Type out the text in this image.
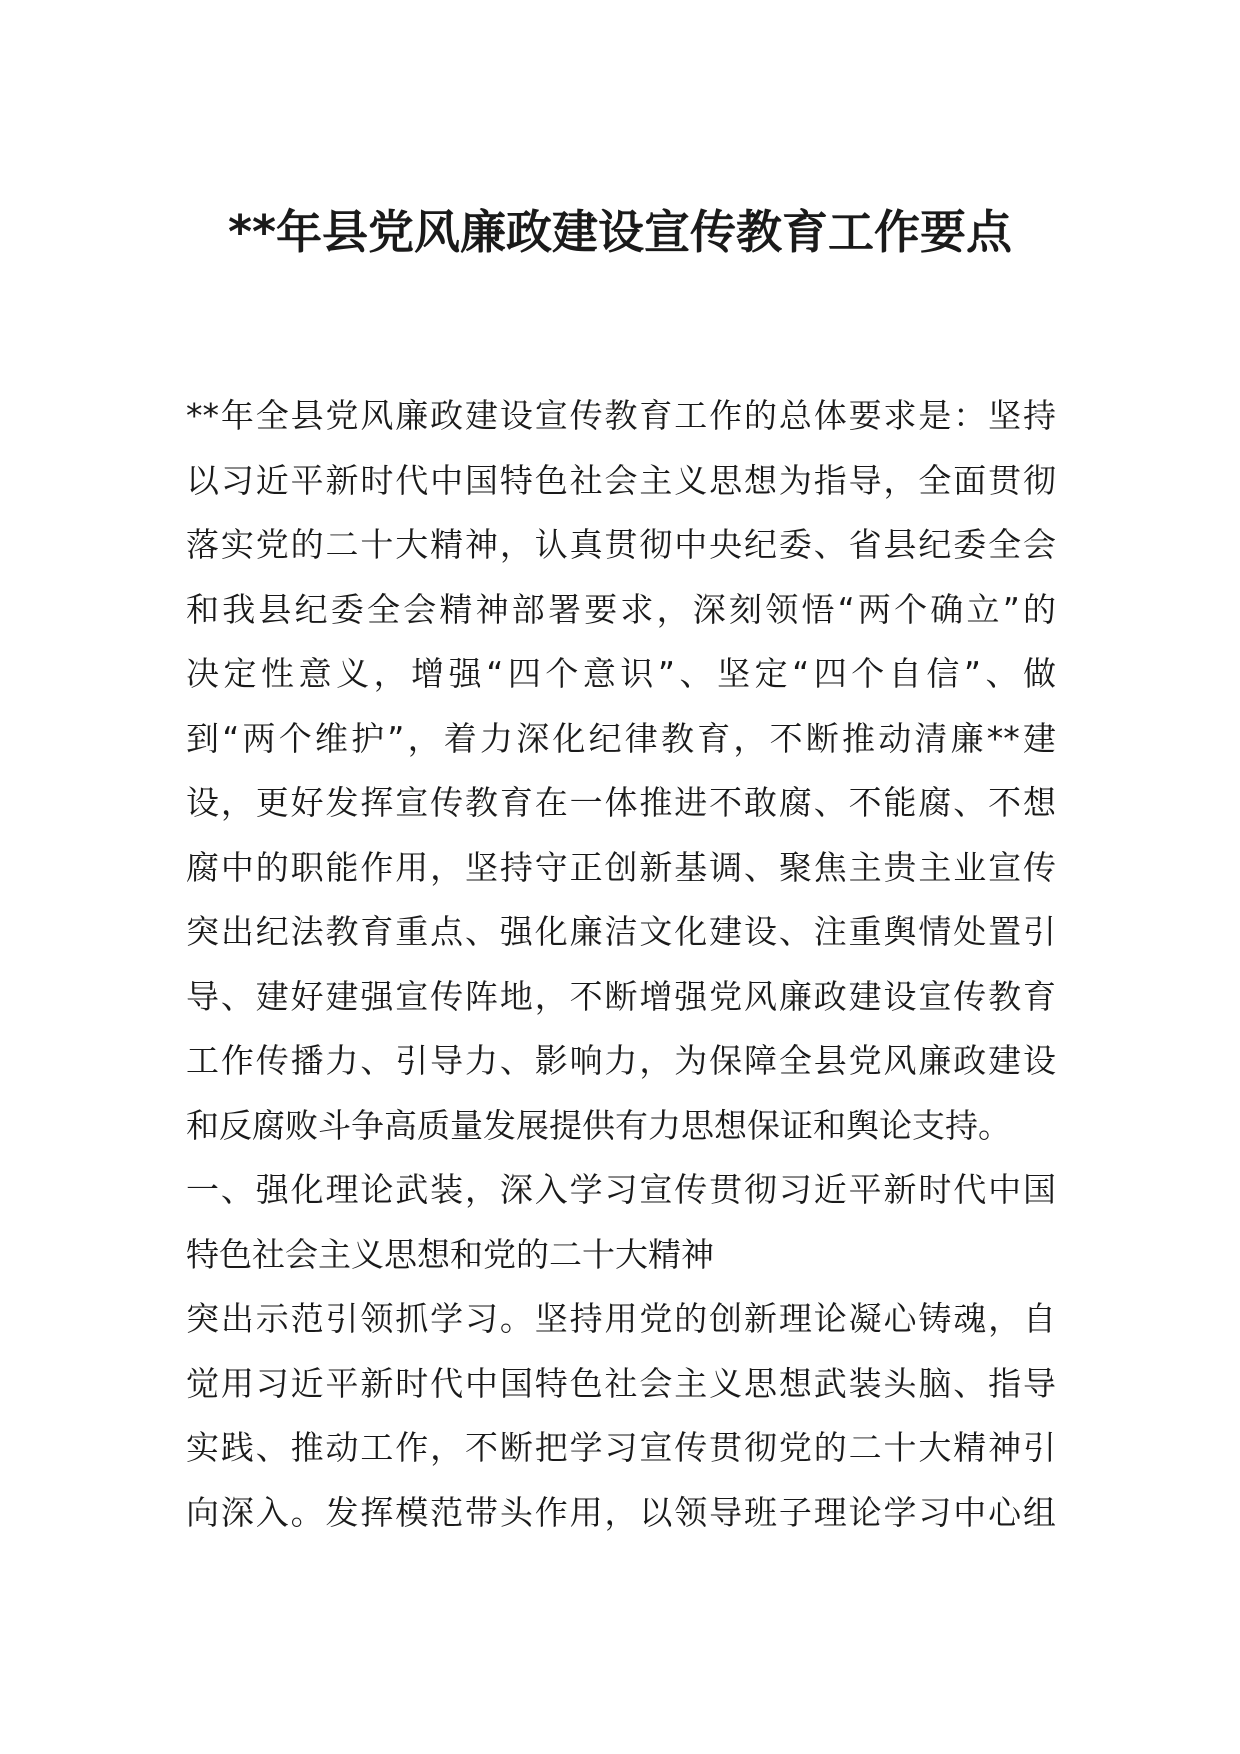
**年县党风廉政建设宣传教育工作要点
**年全县党风廉政建设宣传教育工作的总体要求是：坚持
以习近平新时代中国特色社会主义思想为指导，全面贯彻
落实党的二十大精神，认真贯彻中央纪委、省县纪委全会
和我县纪委全会精神部署要求，深刻领悟“两个确立”的
决定性意义，增强“四个意识”、坚定“四个自信”、做
到“两个维护”，着力深化纪律教育，不断推动清廉**建
设，更好发挥宣传教育在一体推进不敢腐、不能腐、不想
腐中的职能作用，坚持守正创新基调、聚焦主贵主业宣传
突出纪法教育重点、强化廉洁文化建设、注重舆情处置引
导、建好建强宣传阵地，不断增强党风廉政建设宣传教育
工作传播力、引导力、影响力，为保障全县党风廉政建设
和反腐败斗争高质量发展提供有力思想保证和舆论支持。
一、强化理论武装，深入学习宣传贯彻习近平新时代中国
特色社会主义思想和党的二十大精神
突出示范引领抓学习。坚持用党的创新理论凝心铸魂，自
觉用习近平新时代中国特色社会主义思想武装头脑、指导
实践、推动工作，不断把学习宣传贯彻党的二十大精神引
向深入。发挥模范带头作用，以领导班子理论学习中心组
